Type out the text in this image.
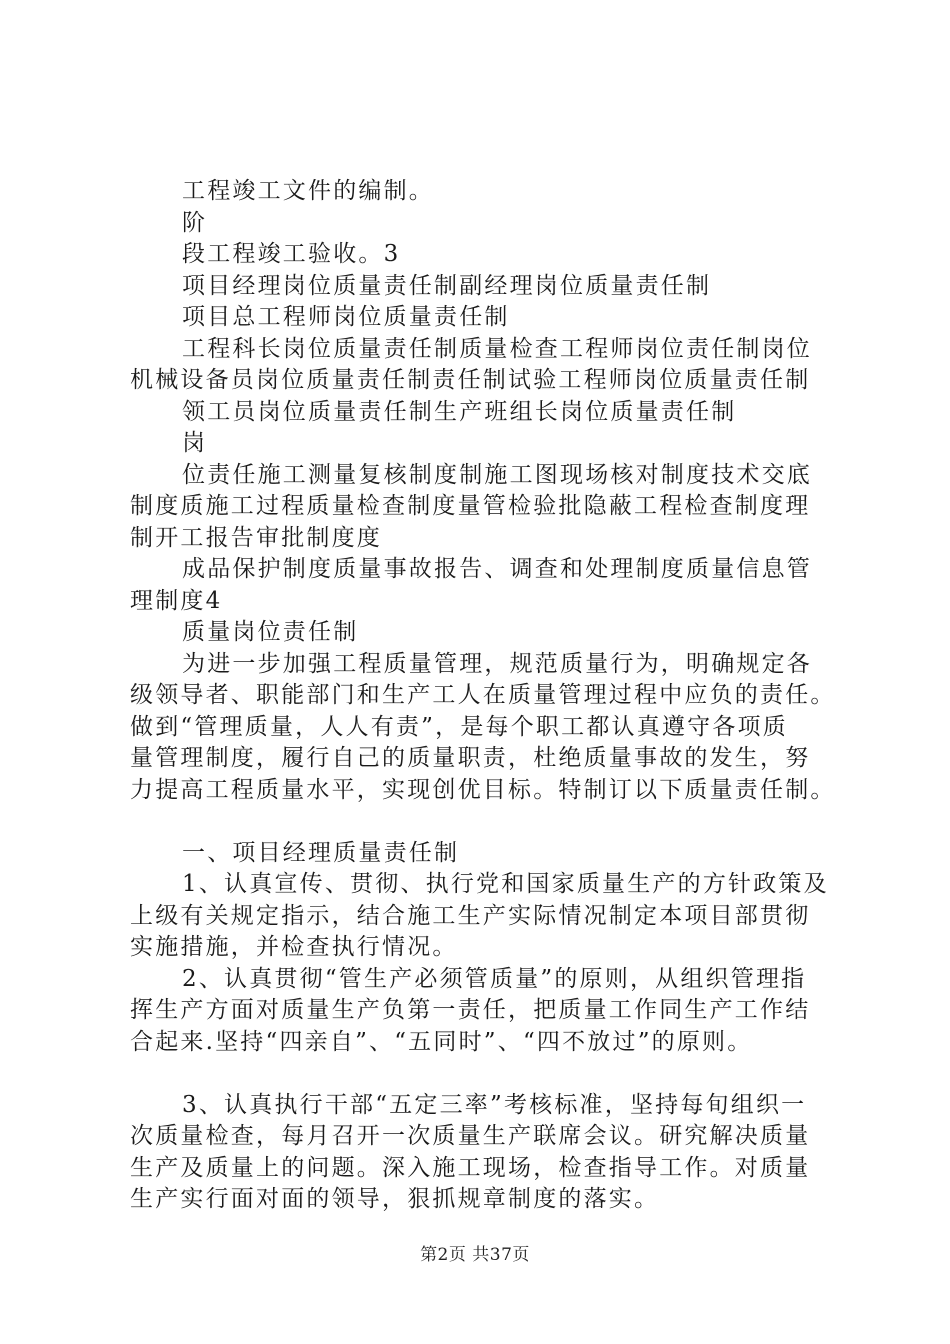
工程竣工文件的编制。
阶
段工程竣工验收。3
项目经理岗位质量责任制副经理岗位质量责任制
项目总工程师岗位质量责任制
工程科长岗位质量责任制质量检查工程师岗位责任制岗位
机械设备员岗位质量责任制责任制试验工程师岗位质量责任制
领工员岗位质量责任制生产班组长岗位质量责任制
岗
位责任施工测量复核制度制施工图现场核对制度技术交底
制度质施工过程质量检查制度量管检验批隐蔽工程检查制度理
制开工报告审批制度度
成品保护制度质量事故报告、调查和处理制度质量信息管
理制度4
质量岗位责任制
为进一步加强工程质量管理，规范质量行为，明确规定各
级领导者、职能部门和生产工人在质量管理过程中应负的责任。
做到“管理质量，人人有责”，是每个职工都认真遵守各项质
量管理制度，履行自己的质量职责，杜绝质量事故的发生，努
力提高工程质量水平，实现创优目标。特制订以下质量责任制。
一、项目经理质量责任制
1、认真宣传、贯彻、执行党和国家质量生产的方针政策及
上级有关规定指示，结合施工生产实际情况制定本项目部贯彻
实施措施，并检查执行情况。
2、认真贯彻“管生产必须管质量”的原则，从组织管理指
挥生产方面对质量生产负第一责任，把质量工作同生产工作结
合起来.坚持“四亲自”、“五同时”、“四不放过”的原则。
3、认真执行干部“五定三率”考核标准，坚持每旬组织一
次质量检查，每月召开一次质量生产联席会议。研究解决质量
生产及质量上的问题。深入施工现场，检查指导工作。对质量
生产实行面对面的领导，狠抓规章制度的落实。
第2页 共37页
